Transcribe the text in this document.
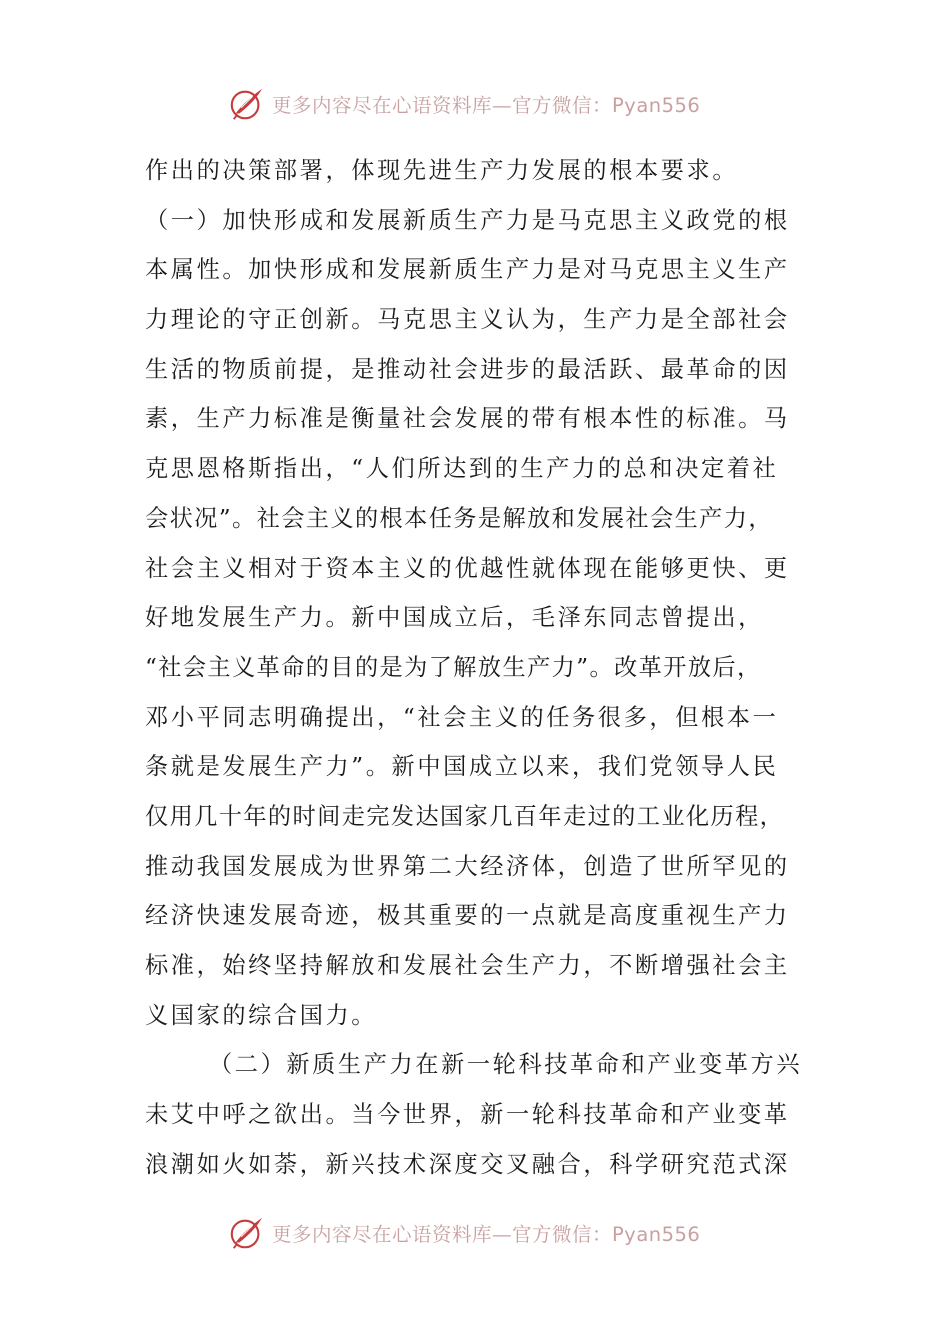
更多内容尽在心语资料库—官方微信：Pyan556
作出的决策部署，体现先进生产力发展的根本要求。
（一）加快形成和发展新质生产力是马克思主义政党的根
本属性。加快形成和发展新质生产力是对马克思主义生产
力理论的守正创新。马克思主义认为，生产力是全部社会
生活的物质前提，是推动社会进步的最活跃、最革命的因
素，生产力标准是衡量社会发展的带有根本性的标准。马
克思恩格斯指出，“人们所达到的生产力的总和决定着社
会状况”。社会主义的根本任务是解放和发展社会生产力，
社会主义相对于资本主义的优越性就体现在能够更快、更
好地发展生产力。新中国成立后，毛泽东同志曾提出，
“社会主义革命的目的是为了解放生产力”。改革开放后，
邓小平同志明确提出，“社会主义的任务很多，但根本一
条就是发展生产力”。新中国成立以来，我们党领导人民
仅用几十年的时间走完发达国家几百年走过的工业化历程，
推动我国发展成为世界第二大经济体，创造了世所罕见的
经济快速发展奇迹，极其重要的一点就是高度重视生产力
标准，始终坚持解放和发展社会生产力，不断增强社会主
义国家的综合国力。
（二）新质生产力在新一轮科技革命和产业变革方兴
未艾中呼之欲出。当今世界，新一轮科技革命和产业变革
浪潮如火如荼，新兴技术深度交叉融合，科学研究范式深
更多内容尽在心语资料库—官方微信：Pyan556
